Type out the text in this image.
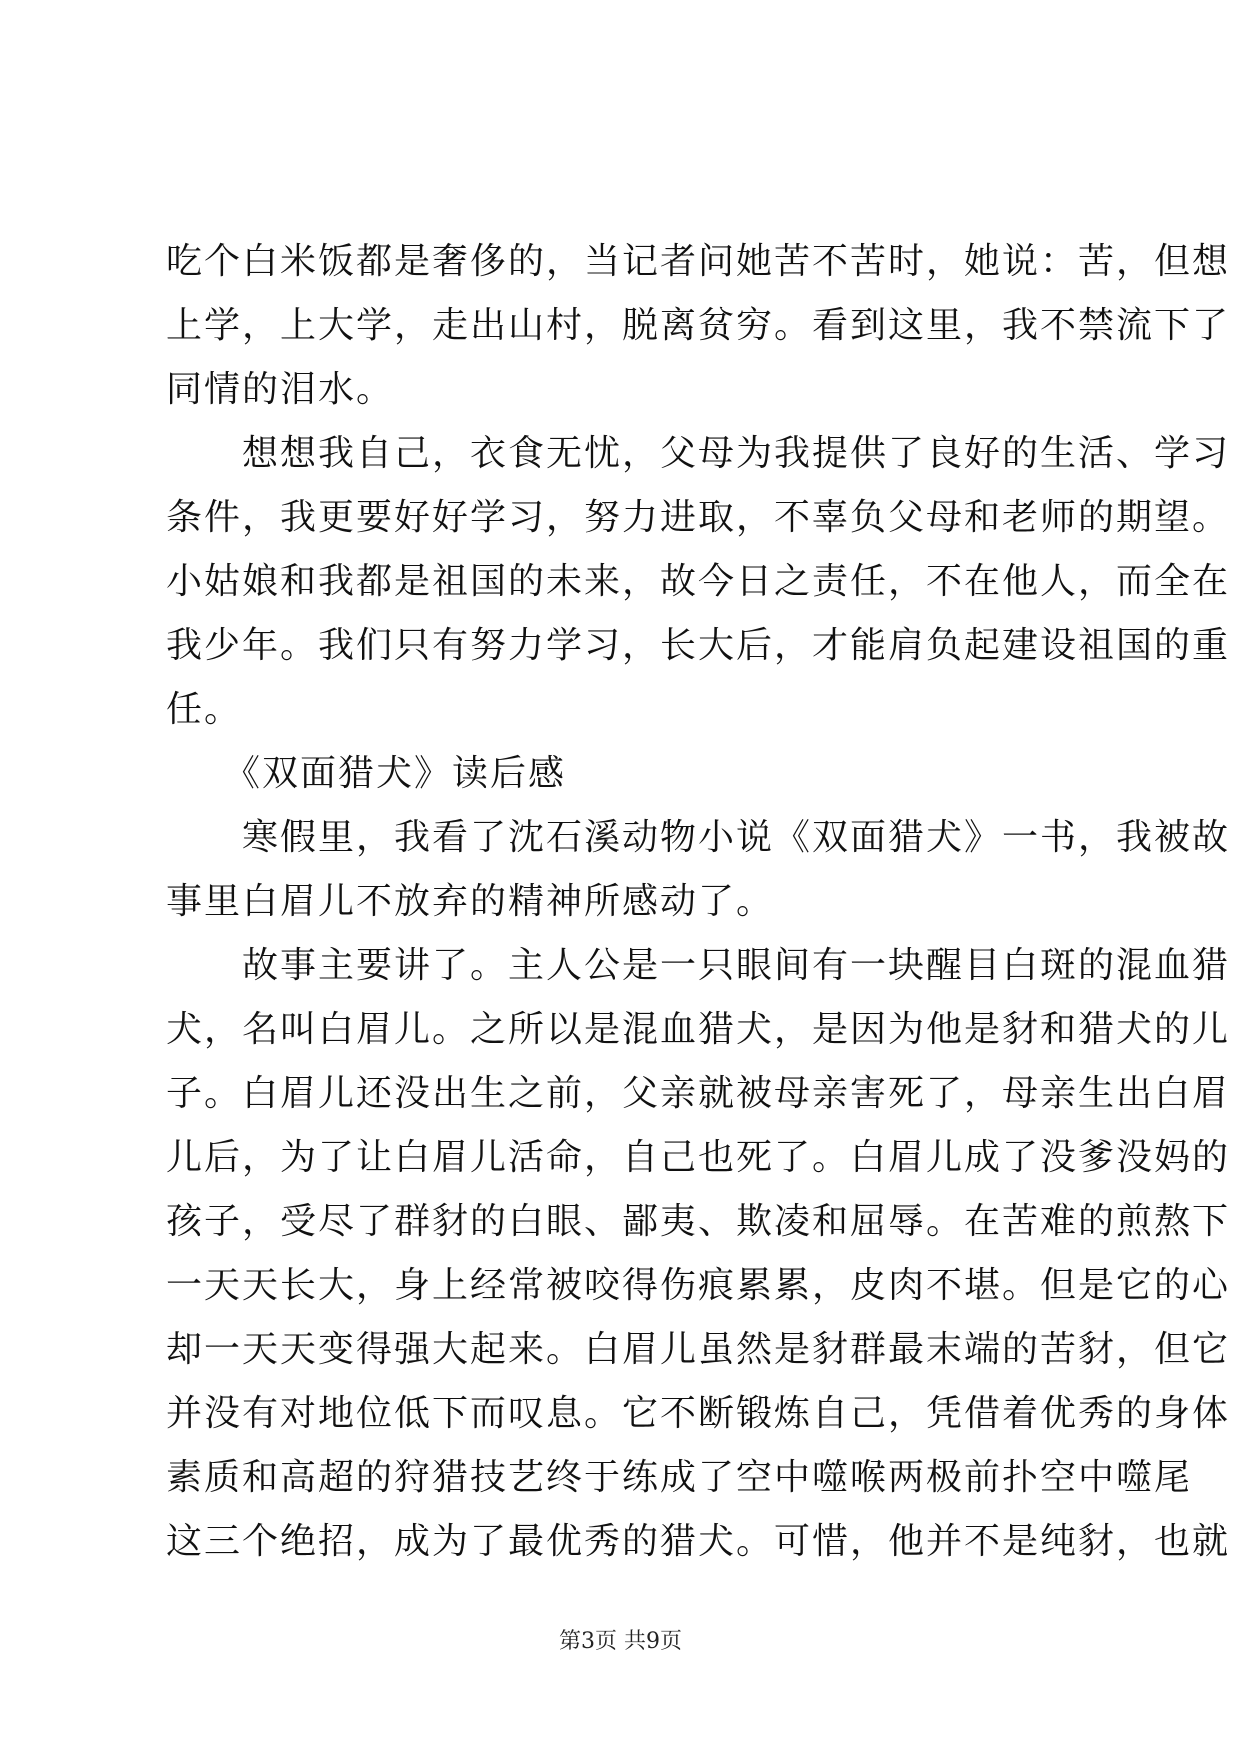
吃个白米饭都是奢侈的，当记者问她苦不苦时，她说：苦，但想
上学，上大学，走出山村，脱离贫穷。看到这里，我不禁流下了
同情的泪水。
　　想想我自己，衣食无忧，父母为我提供了良好的生活、学习
条件，我更要好好学习，努力进取，不辜负父母和老师的期望。
小姑娘和我都是祖国的未来，故今日之责任，不在他人，而全在
我少年。我们只有努力学习，长大后，才能肩负起建设祖国的重
任。
　　《双面猎犬》读后感
　　寒假里，我看了沈石溪动物小说《双面猎犬》一书，我被故
事里白眉儿不放弃的精神所感动了。
　　故事主要讲了。主人公是一只眼间有一块醒目白斑的混血猎
犬，名叫白眉儿。之所以是混血猎犬，是因为他是豺和猎犬的儿
子。白眉儿还没出生之前，父亲就被母亲害死了，母亲生出白眉
儿后，为了让白眉儿活命，自己也死了。白眉儿成了没爹没妈的
孩子，受尽了群豺的白眼、鄙夷、欺凌和屈辱。在苦难的煎熬下
一天天长大，身上经常被咬得伤痕累累，皮肉不堪。但是它的心
却一天天变得强大起来。白眉儿虽然是豺群最末端的苦豺，但它
并没有对地位低下而叹息。它不断锻炼自己，凭借着优秀的身体
素质和高超的狩猎技艺终于练成了空中噬喉两极前扑空中噬尾
这三个绝招，成为了最优秀的猎犬。可惜，他并不是纯豺，也就
第3页 共9页
